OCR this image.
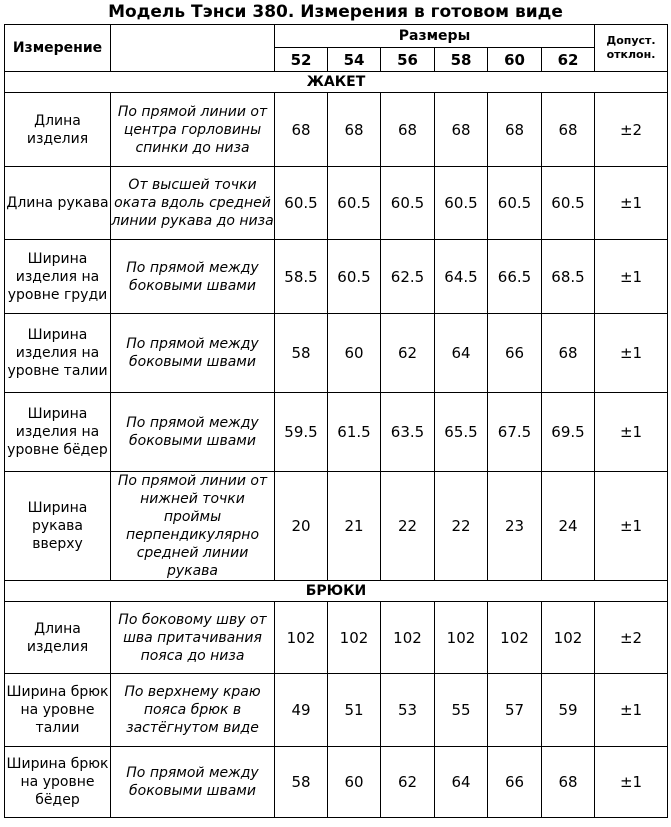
Модель Тэнси 380. Измерения в готовом виде
Измерение		Размеры						Допуст. отклон.
		52	54	56	58	60	62	
ЖАКЕТ								
Длина изделия	По прямой линии от центра горловины спинки до низа	68	68	68	68	68	68	±2
Длина рукава	От высшей точки оката вдоль средней линии рукава до низа	60.5	60.5	60.5	60.5	60.5	60.5	±1
Ширина изделия на уровне груди	По прямой между боковыми швами	58.5	60.5	62.5	64.5	66.5	68.5	±1
Ширина изделия на уровне талии	По прямой между боковыми швами	58	60	62	64	66	68	±1
Ширина изделия на уровне бёдер	По прямой между боковыми швами	59.5	61.5	63.5	65.5	67.5	69.5	±1
Ширина рукава вверху	По прямой линии от нижней точки проймы перпендикулярно средней линии рукава	20	21	22	22	23	24	±1
БРЮКИ								
Длина изделия	По боковому шву от шва притачивания пояса до низа	102	102	102	102	102	102	±2
Ширина брюк на уровне талии	По верхнему краю пояса брюк в застёгнутом виде	49	51	53	55	57	59	±1
Ширина брюк на уровне бёдер	По прямой между боковыми швами	58	60	62	64	66	68	±1
